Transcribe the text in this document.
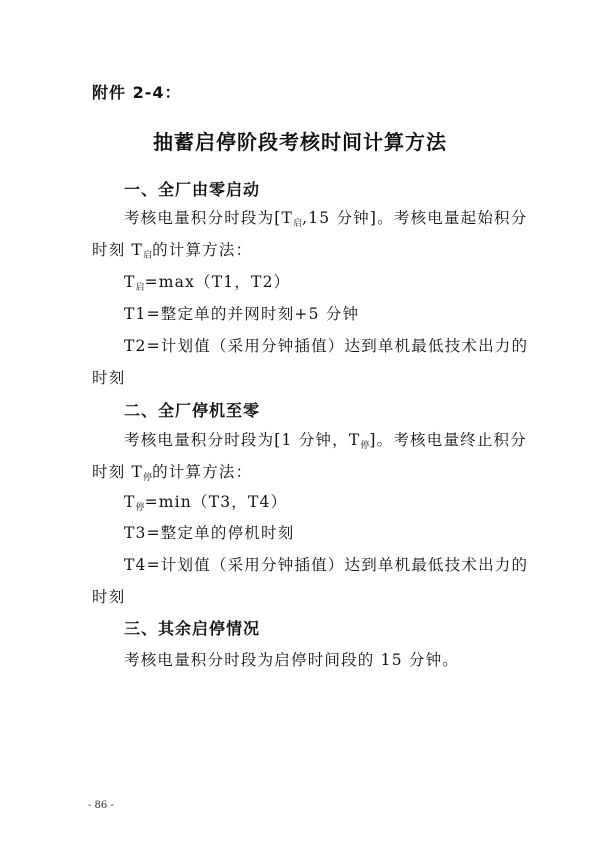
附件 2-4：
抽蓄启停阶段考核时间计算方法
一、全厂由零启动
考核电量积分时段为[$T_启,15$ 分钟]。考核电量起始积分
时刻 $T_启$的计算方法：
$T_启=\max(T1$，T2）
T1=整定单的并网时刻+5 分钟
T2=计划值（采用分钟插值）达到单机最低技术出力的
时刻
二、全厂停机至零
考核电量积分时段为[1 分钟，$T_停$]。考核电量终止积分
时刻 $T_停$的计算方法：
$T_停=\min(T3$，T4）
T3=整定单的停机时刻
T4=计划值（采用分钟插值）达到单机最低技术出力的
时刻
三、其余启停情况
考核电量积分时段为启停时间段的 15 分钟。
- 86 -
